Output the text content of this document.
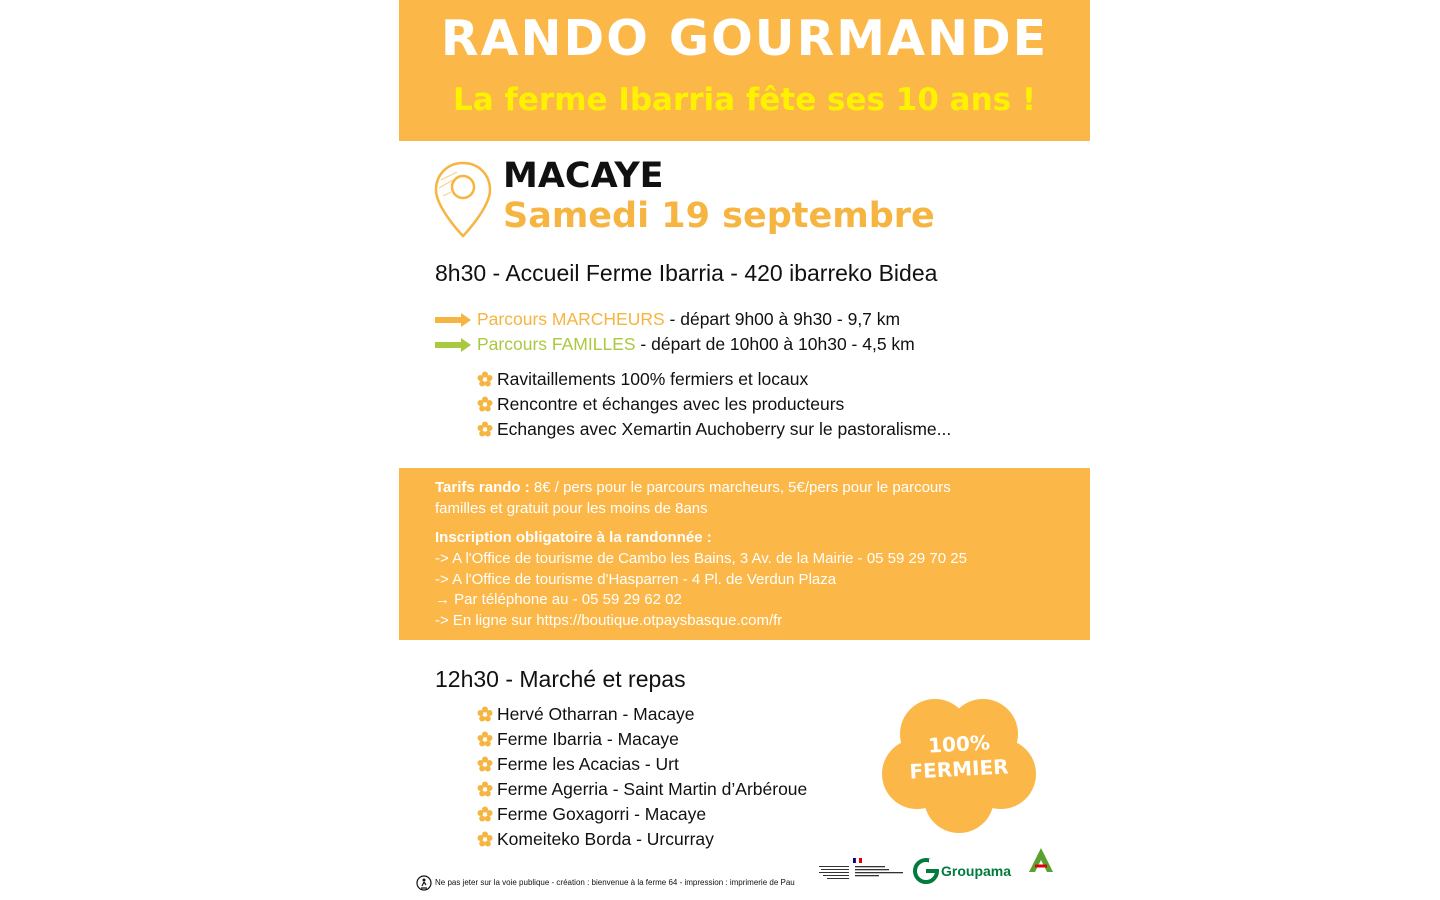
RANDO GOURMANDE
La ferme Ibarria fête ses 10 ans !
MACAYE
Samedi 19 septembre
8h30 - Accueil Ferme Ibarria - 420 ibarreko Bidea
Parcours MARCHEURS - départ 9h00 à 9h30 - 9,7 km
Parcours FAMILLES - départ de 10h00 à 10h30 - 4,5 km
Ravitaillements 100% fermiers et locaux
Rencontre et échanges avec les producteurs
Echanges avec Xemartin Auchoberry sur le pastoralisme...
Tarifs rando : 8€ / pers pour le parcours marcheurs, 5€/pers pour le parcours
familles et gratuit pour les moins de 8ans
Inscription obligatoire à la randonnée :
-> A l'Office de tourisme de Cambo les Bains, 3 Av. de la Mairie - 05 59 29 70 25
-> A l'Office de tourisme d'Hasparren - 4 Pl. de Verdun Plaza
→ Par téléphone au - 05 59 29 62 02
-> En ligne sur https://boutique.otpaysbasque.com/fr
12h30 - Marché et repas
Hervé Otharran - Macaye
Ferme Ibarria - Macaye
Ferme les Acacias - Urt
Ferme Agerria - Saint Martin d’Arbéroue
Ferme Goxagorri - Macaye
Komeiteko Borda - Urcurray
100%
FERMIER
Ne pas jeter sur la voie publique - création : bienvenue à la ferme 64 - impression : imprimerie de Pau
Groupama
